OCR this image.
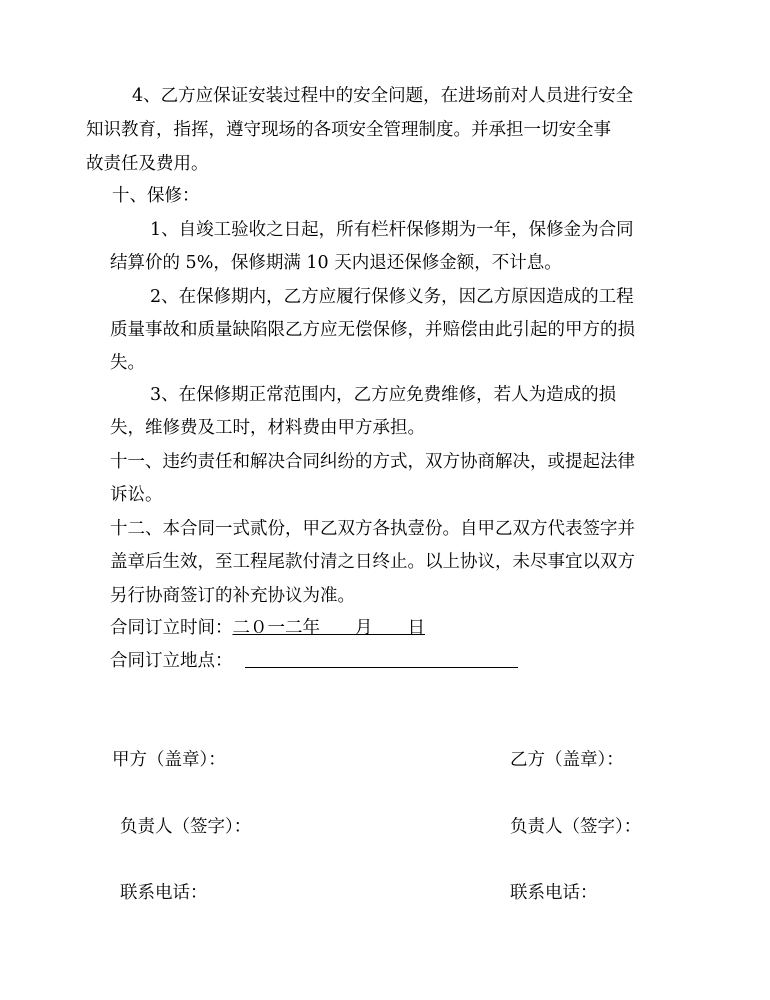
4、乙方应保证安装过程中的安全问题，在进场前对人员进行安全
知识教育，指挥，遵守现场的各项安全管理制度。并承担一切安全事
故责任及费用。
十、保修：
1、自竣工验收之日起，所有栏杆保修期为一年，保修金为合同
结算价的 5%，保修期满 10 天内退还保修金额，不计息。
2、在保修期内，乙方应履行保修义务，因乙方原因造成的工程
质量事故和质量缺陷限乙方应无偿保修，并赔偿由此引起的甲方的损
失。
3、在保修期正常范围内，乙方应免费维修，若人为造成的损
失，维修费及工时，材料费由甲方承担。
十一、违约责任和解决合同纠纷的方式，双方协商解决，或提起法律
诉讼。
十二、本合同一式贰份，甲乙双方各执壹份。自甲乙双方代表签字并
盖章后生效，至工程尾款付清之日终止。以上协议，未尽事宜以双方
另行协商签订的补充协议为准。
合同订立时间：二０一二年　　月　　日
合同订立地点：
甲方（盖章）：
负责人（签字）：
联系电话：
乙方（盖章）：
负责人（签字）：
联系电话：
